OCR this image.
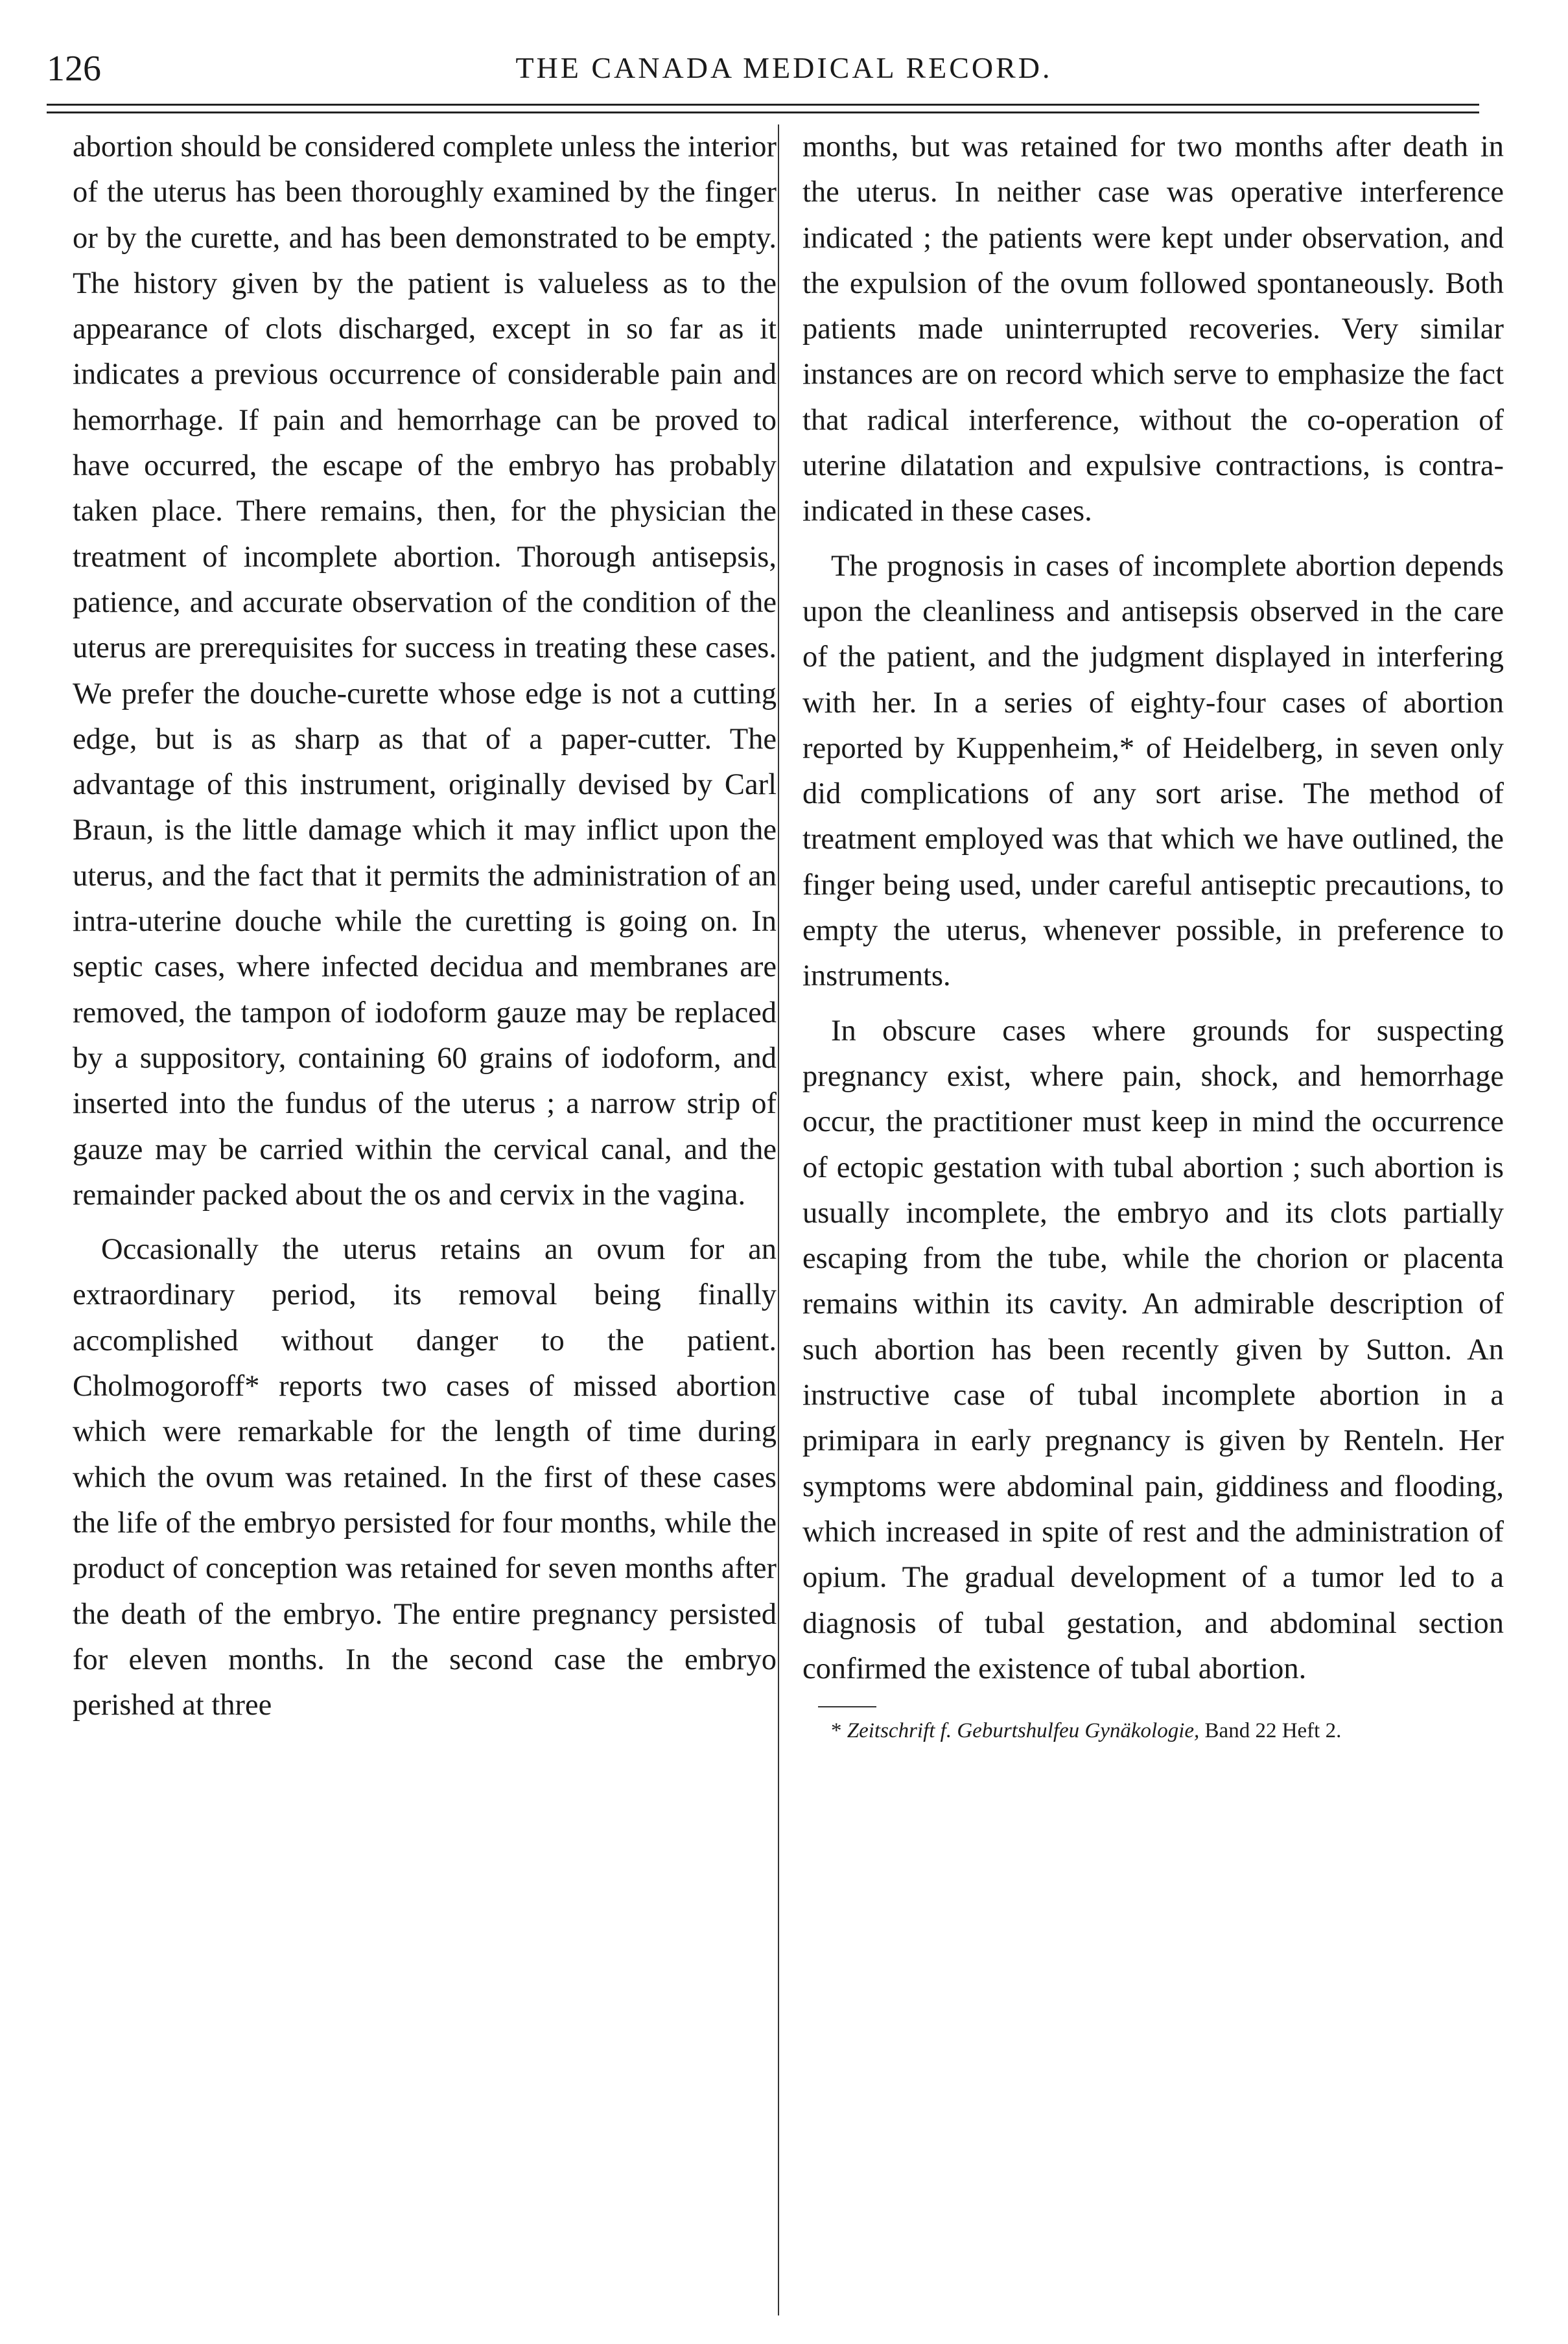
126	THE CANADA MEDICAL RECORD.

abortion should be considered complete unless the interior of the uterus has been thoroughly examined by the finger or by the curette, and has been demonstrated to be empty. The history given by the patient is valueless as to the appearance of clots discharged, except in so far as it indicates a previous occurrence of considerable pain and hemorrhage. If pain and hemorrhage can be proved to have occurred, the escape of the embryo has probably taken place. There remains, then, for the physician the treatment of incomplete abortion. Thorough antisepsis, patience, and accurate observation of the condition of the uterus are prerequisites for success in treating these cases. We prefer the douche-curette whose edge is not a cutting edge, but is as sharp as that of a paper-cutter. The advantage of this instrument, originally devised by Carl Braun, is the little damage which it may inflict upon the uterus, and the fact that it permits the administration of an intra-uterine douche while the curetting is going on. In septic cases, where infected decidua and membranes are removed, the tampon of iodoform gauze may be replaced by a suppository, containing 60 grains of iodoform, and inserted into the fundus of the uterus ; a narrow strip of gauze may be carried within the cervical canal, and the remainder packed about the os and cervix in the vagina.

Occasionally the uterus retains an ovum for an extraordinary period, its removal being finally accomplished without danger to the patient. Cholmogoroff* reports two cases of missed abortion which were remarkable for the length of time during which the ovum was retained. In the first of these cases the life of the embryo persisted for four months, while the product of conception was retained for seven months after the death of the embryo. The entire pregnancy persisted for eleven months. In the second case the embryo perished at three

months, but was retained for two months after death in the uterus. In neither case was operative interference indicated ; the patients were kept under observation, and the expulsion of the ovum followed spontaneously. Both patients made uninterrupted recoveries. Very similar instances are on record which serve to emphasize the fact that radical interference, without the co-operation of uterine dilatation and expulsive contractions, is contra-indicated in these cases.

The prognosis in cases of incomplete abortion depends upon the cleanliness and antisepsis observed in the care of the patient, and the judgment displayed in interfering with her. In a series of eighty-four cases of abortion reported by Kuppenheim,* of Heidelberg, in seven only did complications of any sort arise. The method of treatment employed was that which we have outlined, the finger being used, under careful antiseptic precautions, to empty the uterus, whenever possible, in preference to instruments.

In obscure cases where grounds for suspecting pregnancy exist, where pain, shock, and hemorrhage occur, the practitioner must keep in mind the occurrence of ectopic gestation with tubal abortion ; such abortion is usually incomplete, the embryo and its clots partially escaping from the tube, while the chorion or placenta remains within its cavity. An admirable description of such abortion has been recently given by Sutton. An instructive case of tubal incomplete abortion in a primipara in early pregnancy is given by Renteln. Her symptoms were abdominal pain, giddiness and flooding, which increased in spite of rest and the administration of opium. The gradual development of a tumor led to a diagnosis of tubal gestation, and abdominal section confirmed the existence of tubal abortion.

* Zeitschrift f. Geburtshulfeu Gynäkologie, Band 22 Heft 2.
